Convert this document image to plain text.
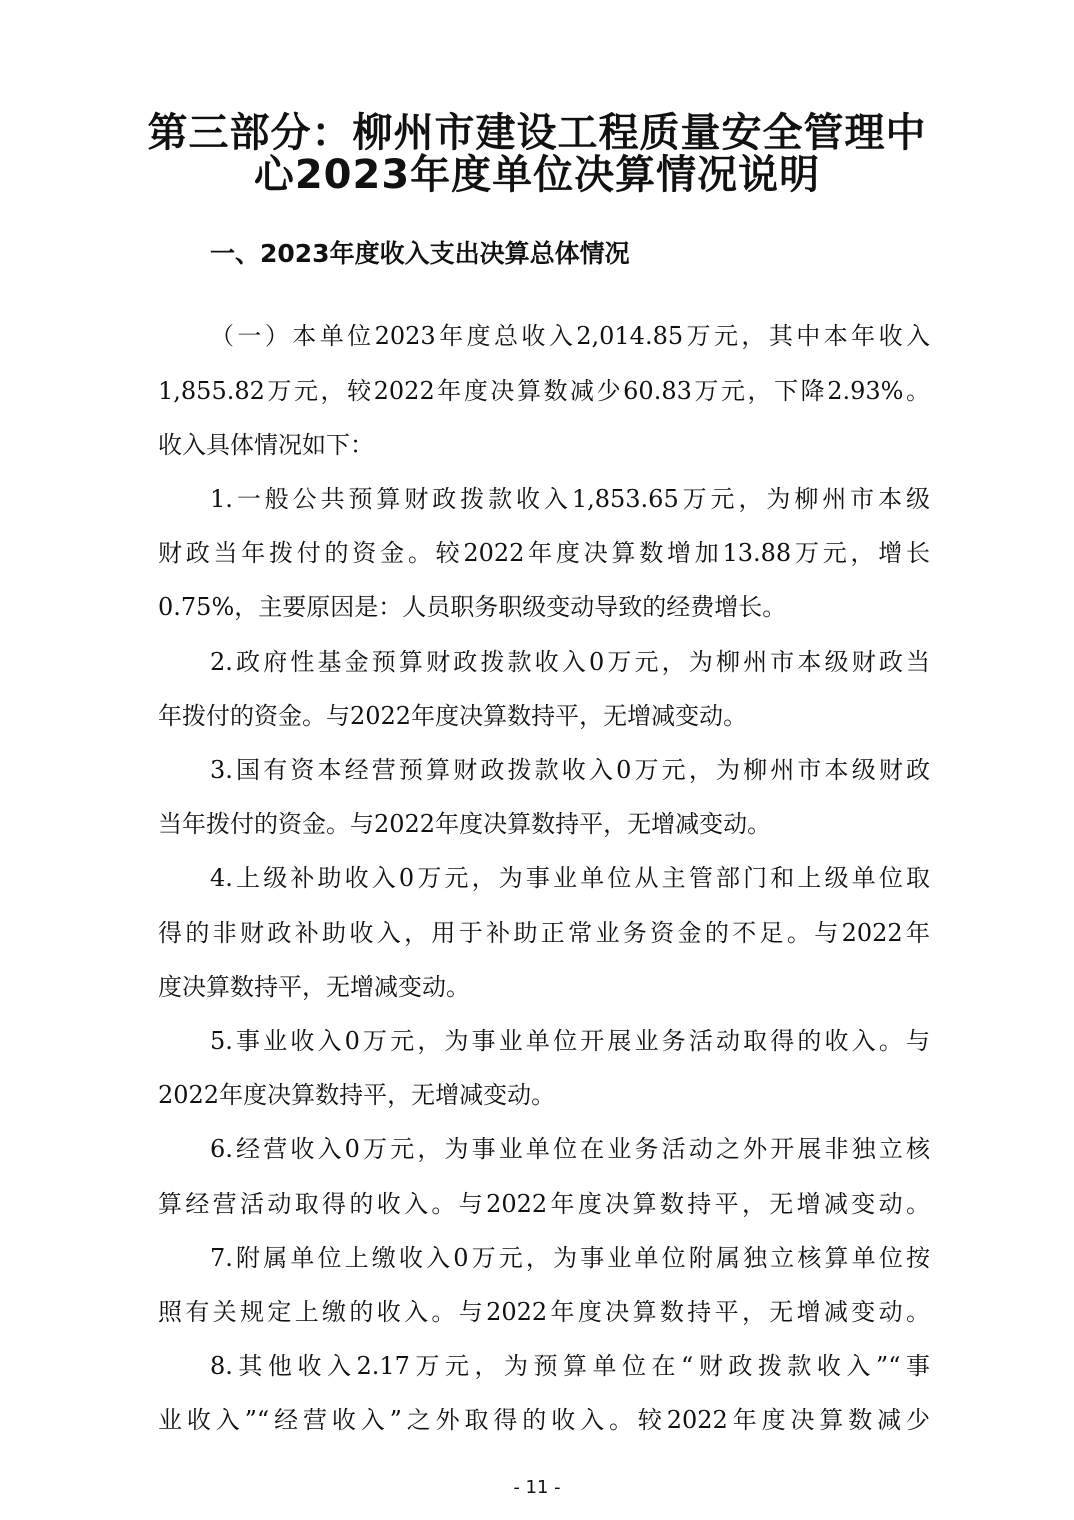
第三部分：柳州市建设工程质量安全管理中
心2023年度单位决算情况说明
一、2023年度收入支出决算总体情况
（一）本单位2023年度总收入2,014.85万元，其中本年收入
1,855.82万元，较2022年度决算数减少60.83万元，下降2.93%。
收入具体情况如下：
1.一般公共预算财政拨款收入1,853.65万元，为柳州市本级
财政当年拨付的资金。较2022年度决算数增加13.88万元，增长
0.75%，主要原因是：人员职务职级变动导致的经费增长。
2.政府性基金预算财政拨款收入0万元，为柳州市本级财政当
年拨付的资金。与2022年度决算数持平，无增减变动。
3.国有资本经营预算财政拨款收入0万元，为柳州市本级财政
当年拨付的资金。与2022年度决算数持平，无增减变动。
4.上级补助收入0万元，为事业单位从主管部门和上级单位取
得的非财政补助收入，用于补助正常业务资金的不足。与2022年
度决算数持平，无增减变动。
5.事业收入0万元，为事业单位开展业务活动取得的收入。与
2022年度决算数持平，无增减变动。
6.经营收入0万元，为事业单位在业务活动之外开展非独立核
算经营活动取得的收入。与2022年度决算数持平，无增减变动。
7.附属单位上缴收入0万元，为事业单位附属独立核算单位按
照有关规定上缴的收入。与2022年度决算数持平，无增减变动。
8.其他收入2.17万元，为预算单位在“财政拨款收入”“事
业收入”“经营收入”之外取得的收入。较2022年度决算数减少
- 11 -
